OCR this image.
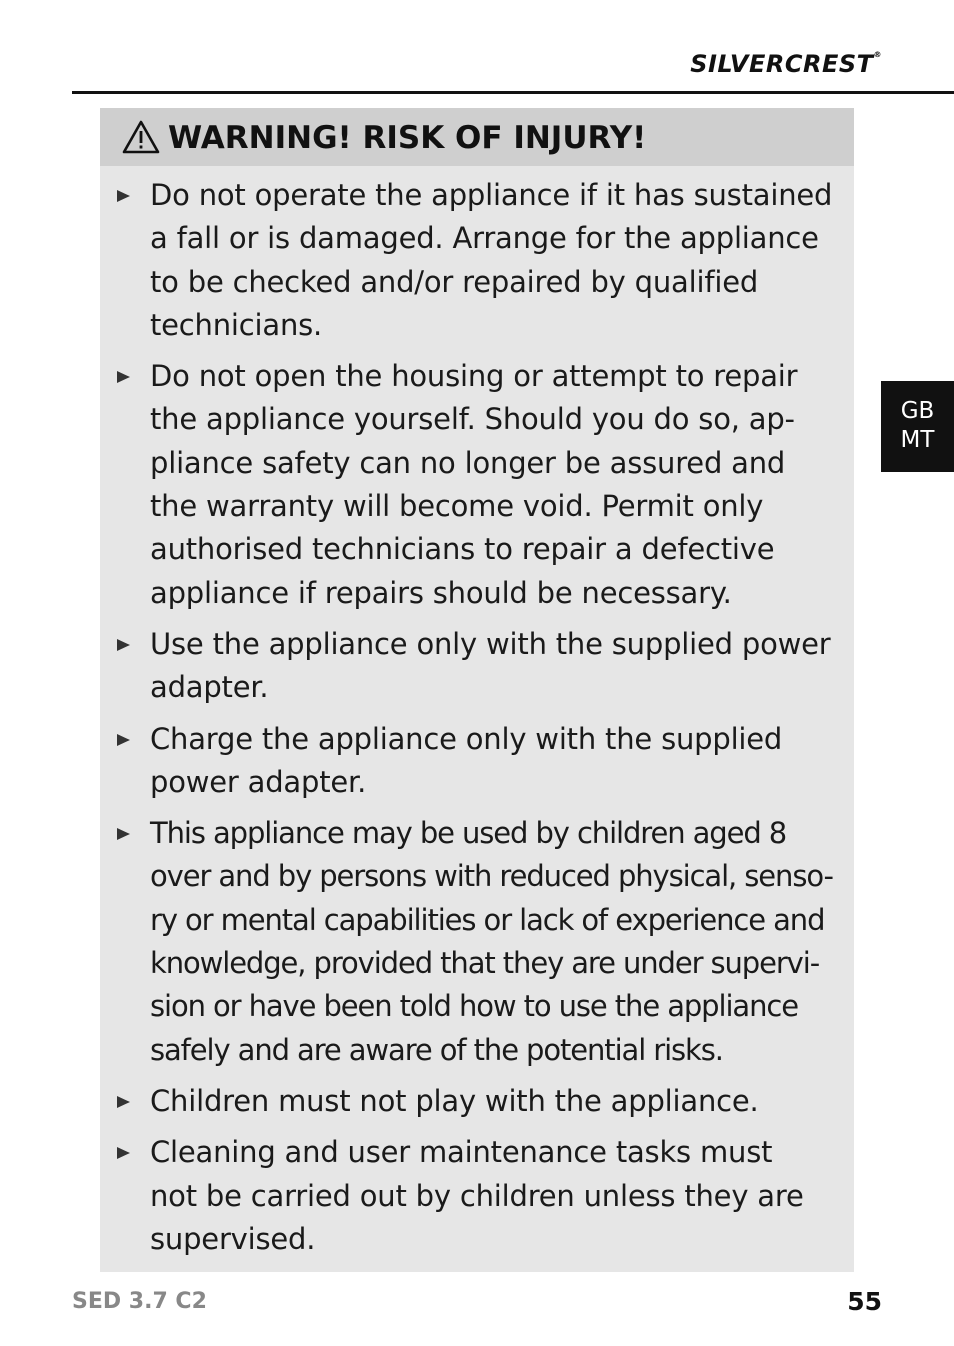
SILVERCREST®
WARNING! RISK OF INJURY!
Do not operate the appliance if it has sustained
a fall or is damaged. Arrange for the appliance
to be checked and/or repaired by qualified
technicians.
Do not open the housing or attempt to repair
the appliance yourself. Should you do so, ap-
pliance safety can no longer be assured and
the warranty will become void. Permit only
authorised technicians to repair a defective
appliance if repairs should be necessary.
Use the appliance only with the supplied power
adapter.
Charge the appliance only with the supplied
power adapter.
This appliance may be used by children aged 8
over and by persons with reduced physical, senso-
ry or mental capabilities or lack of experience and
knowledge, provided that they are under supervi-
sion or have been told how to use the appliance
safely and are aware of the potential risks.
Children must not play with the appliance.
Cleaning and user maintenance tasks must
not be carried out by children unless they are
supervised.
GB
MT
SED 3.7 C2	55
